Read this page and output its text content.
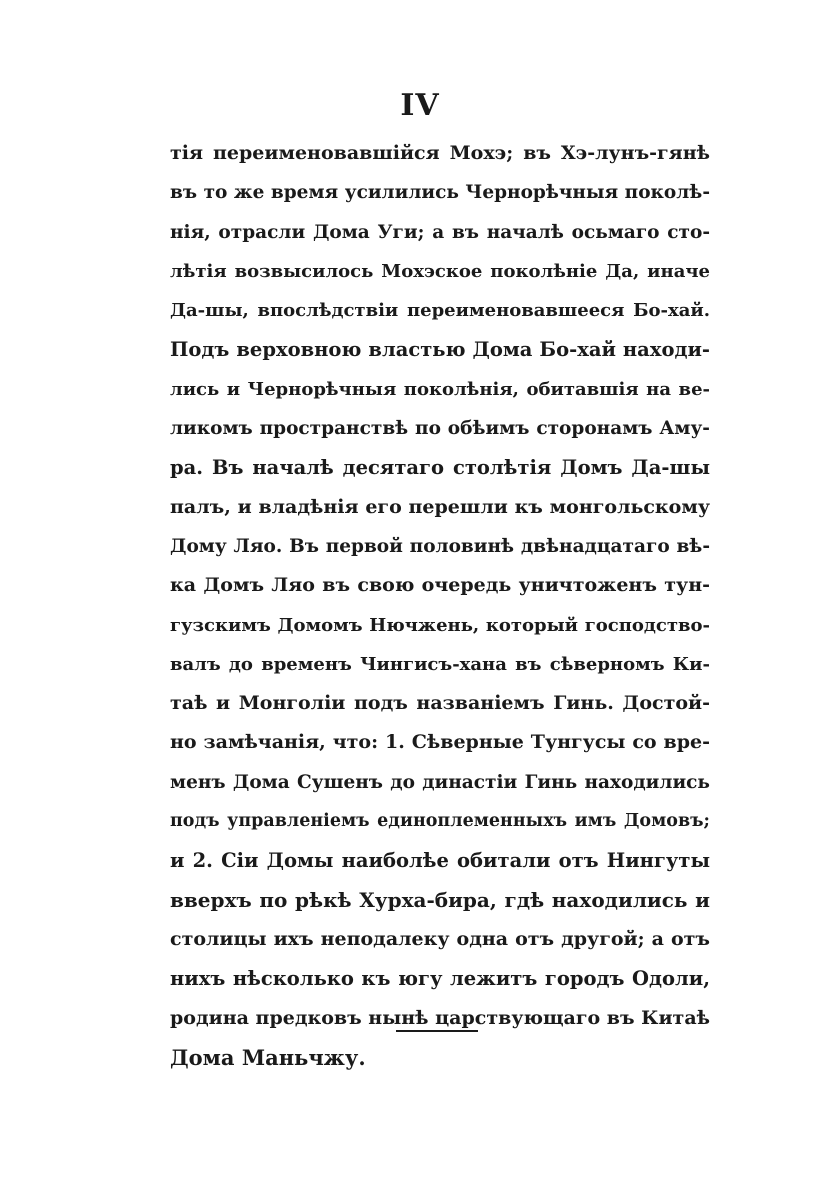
IV
тія переименовавшійся Мохэ; въ Хэ-лунъ-гянѣ
въ то же время усилились Чернорѣчныя поколѣ-
нія, отрасли Дома Уги; а въ началѣ осьмаго сто-
лѣтія возвысилось Мохэское поколѣніе Да, иначе
Да-шы, впослѣдствіи переименовавшееся Бо-хай.
Подъ верховною властью Дома Бо-хай находи-
лись и Чернорѣчныя поколѣнія, обитавшія на ве-
ликомъ пространствѣ по обѣимъ сторонамъ Аму-
ра. Въ началѣ десятаго столѣтія Домъ Да-шы
палъ, и владѣнія его перешли къ монгольскому
Дому Ляо. Въ первой половинѣ двѣнадцатаго вѣ-
ка Домъ Ляо въ свою очередь уничтоженъ тун-
гузскимъ Домомъ Нючжень, который господство-
валъ до временъ Чингисъ-хана въ сѣверномъ Ки-
таѣ и Монголіи подъ названіемъ Гинь. Достой-
но замѣчанія, что: 1. Сѣверные Тунгусы со вре-
менъ Дома Сушенъ до династіи Гинь находились
подъ управленіемъ единоплеменныхъ имъ Домовъ;
и 2. Сіи Домы наиболѣе обитали отъ Нингуты
вверхъ по рѣкѣ Хурха-бира, гдѣ находились и
столицы ихъ неподалеку одна отъ другой; а отъ
нихъ нѣсколько къ югу лежитъ городъ Одоли,
родина предковъ нынѣ царствующаго въ Китаѣ
Дома Маньчжу.
